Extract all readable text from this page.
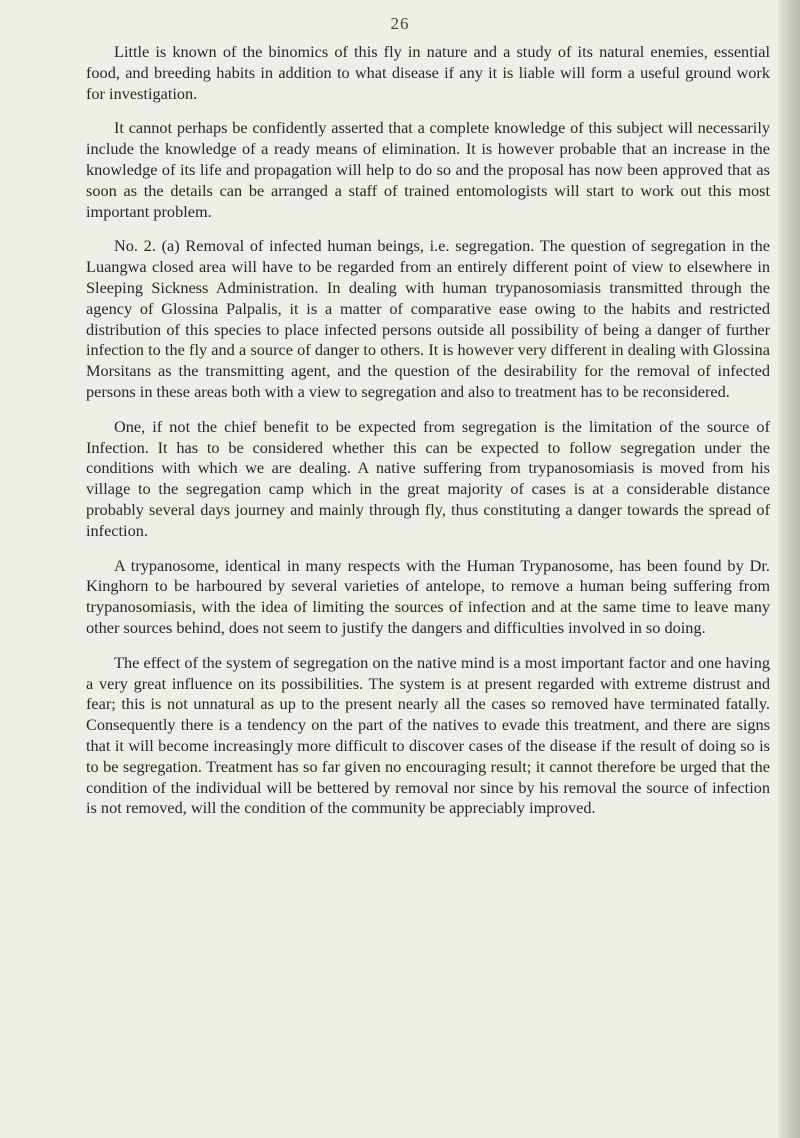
26

Little is known of the binomics of this fly in nature and a study of its natural enemies, essential food, and breeding habits in addition to what disease if any it is liable will form a useful ground work for investigation.

It cannot perhaps be confidently asserted that a complete knowledge of this subject will necessarily include the knowledge of a ready means of elimination. It is however probable that an increase in the knowledge of its life and propagation will help to do so and the proposal has now been approved that as soon as the details can be arranged a staff of trained entomologists will start to work out this most important problem.

No. 2. (a) Removal of infected human beings, i.e. segregation. The question of segregation in the Luangwa closed area will have to be regarded from an entirely different point of view to elsewhere in Sleeping Sickness Administration. In dealing with human trypanosomiasis transmitted through the agency of Glossina Palpalis, it is a matter of comparative ease owing to the habits and restricted distribution of this species to place infected persons outside all possibility of being a danger of further infection to the fly and a source of danger to others. It is however very different in dealing with Glossina Morsitans as the transmitting agent, and the question of the desirability for the removal of infected persons in these areas both with a view to segregation and also to treatment has to be reconsidered.

One, if not the chief benefit to be expected from segregation is the limitation of the source of Infection. It has to be considered whether this can be expected to follow segregation under the conditions with which we are dealing. A native suffering from trypanosomiasis is moved from his village to the segregation camp which in the great majority of cases is at a considerable distance probably several days journey and mainly through fly, thus constituting a danger towards the spread of infection.

A trypanosome, identical in many respects with the Human Trypanosome, has been found by Dr. Kinghorn to be harboured by several varieties of antelope, to remove a human being suffering from trypanosomiasis, with the idea of limiting the sources of infection and at the same time to leave many other sources behind, does not seem to justify the dangers and difficulties involved in so doing.

The effect of the system of segregation on the native mind is a most important factor and one having a very great influence on its possibilities. The system is at present regarded with extreme distrust and fear; this is not unnatural as up to the present nearly all the cases so removed have terminated fatally. Consequently there is a tendency on the part of the natives to evade this treatment, and there are signs that it will become increasingly more difficult to discover cases of the disease if the result of doing so is to be segregation. Treatment has so far given no encouraging result; it cannot therefore be urged that the condition of the individual will be bettered by removal nor since by his removal the source of infection is not removed, will the condition of the community be appreciably improved.
